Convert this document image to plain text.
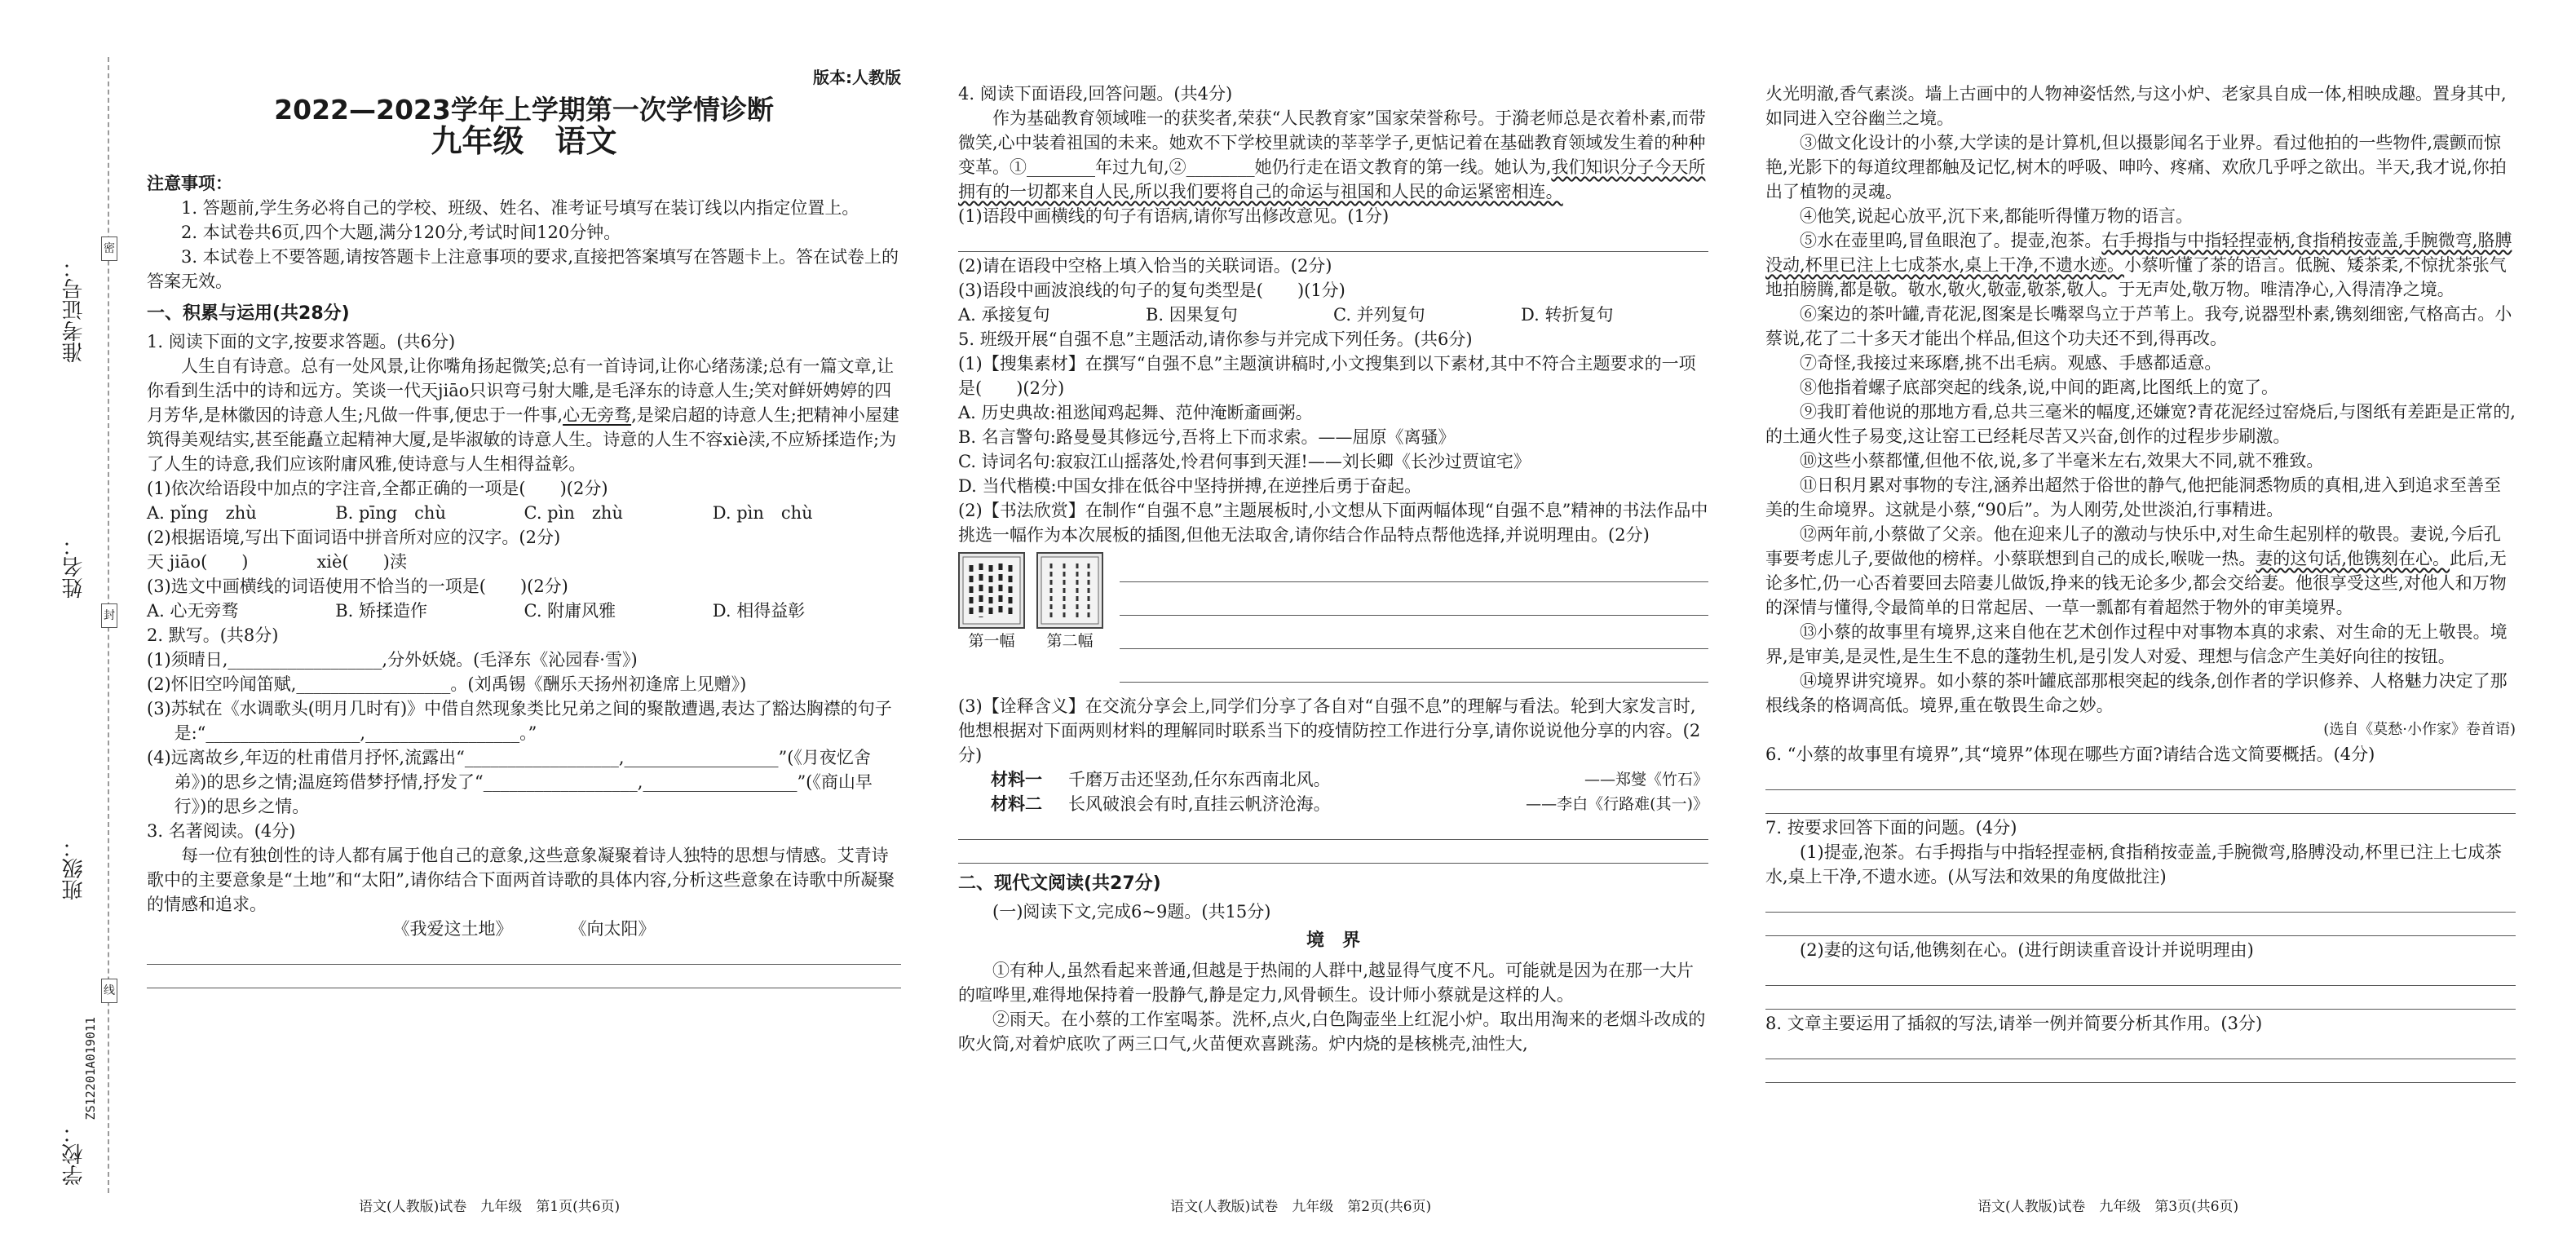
密
封
线
准考证号：
姓名：
班级：
学校：
ZS12201A019011
版本:人教版
2022—2023学年上学期第一次学情诊断
九年级　语文
注意事项：

1. 答题前,学生务必将自己的学校、班级、姓名、准考证号填写在装订线以内指定位置上。

2. 本试卷共6页,四个大题,满分120分,考试时间120分钟。

3. 本试卷上不要答题,请按答题卡上注意事项的要求,直接把答案填写在答题卡上。答在试卷上的答案无效。

一、积累与运用(共28分)

1. 阅读下面的文字,按要求答题。(共6分)

人生自有诗意。总有一处风景,让你嘴角扬起微笑;总有一首诗词,让你心绪荡漾;总有一篇文章,让你看到生活中的诗和远方。笑谈一代天jiāo只识弯弓射大雕,是毛泽东的诗意人生;笑对鲜妍娉婷的四月芳华,是林徽因的诗意人生;凡做一件事,便忠于一件事,心无旁骛,是梁启超的诗意人生;把精神小屋建筑得美观结实,甚至能矗立起精神大厦,是毕淑敏的诗意人生。诗意的人生不容xiè渎,不应矫揉造作;为了人生的诗意,我们应该附庸风雅,使诗意与人生相得益彰。

(1)依次给语段中加点的字注音,全都正确的一项是(　　)(2分)

A. pǐng　zhù	B. pīng　chù	C. pìn　zhù	D. pìn　chù

(2)根据语境,写出下面词语中拼音所对应的汉字。(2分)

天 jiāo(　　)　　　　xiè(　　)渎

(3)选文中画横线的词语使用不恰当的一项是(　　)(2分)

A. 心无旁骛	B. 矫揉造作	C. 附庸风雅	D. 相得益彰

2. 默写。(共8分)

(1)须晴日,__________________,分外妖娆。(毛泽东《沁园春·雪》)

(2)怀旧空吟闻笛赋,__________________。(刘禹锡《酬乐天扬州初逢席上见赠》)

(3)苏轼在《水调歌头(明月几时有)》中借自然现象类比兄弟之间的聚散遭遇,表达了豁达胸襟的句子是:“__________________,__________________。”

(4)远离故乡,年迈的杜甫借月抒怀,流露出“__________________,__________________”(《月夜忆舍弟》)的思乡之情;温庭筠借梦抒情,抒发了“__________________,__________________”(《商山早行》)的思乡之情。

3. 名著阅读。(4分)

每一位有独创性的诗人都有属于他自己的意象,这些意象凝聚着诗人独特的思想与情感。艾青诗歌中的主要意象是“土地”和“太阳”,请你结合下面两首诗歌的具体内容,分析这些意象在诗歌中所凝聚的情感和追求。

《我爱这土地》	《向太阳》
语文(人教版)试卷　九年级　第1页(共6页)

4. 阅读下面语段,回答问题。(共4分)

作为基础教育领域唯一的获奖者,荣获“人民教育家”国家荣誉称号。于漪老师总是衣着朴素,而带微笑,心中装着祖国的未来。她欢不下学校里就读的莘莘学子,更惦记着在基础教育领域发生着的种种变革。①________年过九旬,②________她仍行走在语文教育的第一线。她认为,我们知识分子今天所拥有的一切都来自人民,所以我们要将自己的命运与祖国和人民的命运紧密相连。

(1)语段中画横线的句子有语病,请你写出修改意见。(1分)

(2)请在语段中空格上填入恰当的关联词语。(2分)

(3)语段中画波浪线的句子的复句类型是(　　)(1分)

A. 承接复句	B. 因果复句	C. 并列复句	D. 转折复句

5. 班级开展“自强不息”主题活动,请你参与并完成下列任务。(共6分)

(1)【搜集素材】在撰写“自强不息”主题演讲稿时,小文搜集到以下素材,其中不符合主题要求的一项是(　　)(2分)

A. 历史典故:祖逖闻鸡起舞、范仲淹断齑画粥。

B. 名言警句:路曼曼其修远兮,吾将上下而求索。——屈原《离骚》

C. 诗词名句:寂寂江山摇落处,怜君何事到天涯!——刘长卿《长沙过贾谊宅》

D. 当代楷模:中国女排在低谷中坚持拼搏,在逆挫后勇于奋起。

(2)【书法欣赏】在制作“自强不息”主题展板时,小文想从下面两幅体现“自强不息”精神的书法作品中挑选一幅作为本次展板的插图,但他无法取舍,请你结合作品特点帮他选择,并说明理由。(2分)

第一幅	第二幅

(3)【诠释含义】在交流分享会上,同学们分享了各自对“自强不息”的理解与看法。轮到大家发言时,他想根据对下面两则材料的理解同时联系当下的疫情防控工作进行分享,请你说说他分享的内容。(2分)

材料一	千磨万击还坚劲,任尔东西南北风。	——郑燮《竹石》
材料二	长风破浪会有时,直挂云帆济沧海。	——李白《行路难(其一)》
二、现代文阅读(共27分)

(一)阅读下文,完成6~9题。(共15分)

境　界

①有种人,虽然看起来普通,但越是于热闹的人群中,越显得气度不凡。可能就是因为在那一大片的喧哗里,难得地保持着一股静气,静是定力,风骨顿生。设计师小蔡就是这样的人。

②雨天。在小蔡的工作室喝茶。洗杯,点火,白色陶壶坐上红泥小炉。取出用淘来的老烟斗改成的吹火筒,对着炉底吹了两三口气,火苗便欢喜跳荡。炉内烧的是核桃壳,油性大,

语文(人教版)试卷　九年级　第2页(共6页)

火光明澈,香气素淡。墙上古画中的人物神姿恬然,与这小炉、老家具自成一体,相映成趣。置身其中,如同进入空谷幽兰之境。

③做文化设计的小蔡,大学读的是计算机,但以摄影闻名于业界。看过他拍的一些物件,震颤而惊艳,光影下的每道纹理都触及记忆,树木的呼吸、呻吟、疼痛、欢欣几乎呼之欲出。半天,我才说,你拍出了植物的灵魂。

④他笑,说起心放平,沉下来,都能听得懂万物的语言。

⑤水在壶里呜,冒鱼眼泡了。提壶,泡茶。右手拇指与中指轻捏壶柄,食指稍按壶盖,手腕微弯,胳膊没动,杯里已注上七成茶水,桌上干净,不遗水迹。小蔡听懂了茶的语言。低腕、矮茶柔,不惊扰茶张气地拍膀腾,都是敬。敬水,敬火,敬壶,敬茶,敬人。于无声处,敬万物。唯清净心,入得清净之境。

⑥案边的茶叶罐,青花泥,图案是长嘴翠鸟立于芦苇上。我夸,说器型朴素,镌刻细密,气格高古。小蔡说,花了二十多天才能出个样品,但这个功夫还不到,得再改。

⑦奇怪,我接过来琢磨,挑不出毛病。观感、手感都适意。

⑧他指着螺子底部突起的线条,说,中间的距离,比图纸上的宽了。

⑨我盯着他说的那地方看,总共三毫米的幅度,还嫌宽?青花泥经过窑烧后,与图纸有差距是正常的,的土通火性子易变,这让窑工已经耗尽苦又兴奋,创作的过程步步刷激。

⑩这些小蔡都懂,但他不依,说,多了半毫米左右,效果大不同,就不雅致。

⑪日积月累对事物的专注,涵养出超然于俗世的静气,他把能洞悉物质的真相,进入到追求至善至美的生命境界。这就是小蔡,“90后”。为人刚劳,处世淡泊,行事精进。

⑫两年前,小蔡做了父亲。他在迎来儿子的激动与快乐中,对生命生起别样的敬畏。妻说,今后孔事要考虑儿子,要做他的榜样。小蔡联想到自己的成长,喉咙一热。妻的这句话,他镌刻在心。此后,无论多忙,仍一心否着要回去陪妻儿做饭,挣来的钱无论多少,都会交给妻。他很享受这些,对他人和万物的深情与懂得,令最简单的日常起居、一草一瓢都有着超然于物外的审美境界。

⑬小蔡的故事里有境界,这来自他在艺术创作过程中对事物本真的求索、对生命的无上敬畏。境界,是审美,是灵性,是生生不息的蓬勃生机,是引发人对爱、理想与信念产生美好向往的按钮。

⑭境界讲究境界。如小蔡的茶叶罐底部那根突起的线条,创作者的学识修养、人格魅力决定了那根线条的格调高低。境界,重在敬畏生命之妙。

(选自《莫愁·小作家》卷首语)

6. “小蔡的故事里有境界”,其“境界”体现在哪些方面?请结合选文简要概括。(4分)

7. 按要求回答下面的问题。(4分)

(1)提壶,泡茶。右手拇指与中指轻捏壶柄,食指稍按壶盖,手腕微弯,胳膊没动,杯里已注上七成茶水,桌上干净,不遗水迹。(从写法和效果的角度做批注)

(2)妻的这句话,他镌刻在心。(进行朗读重音设计并说明理由)

8. 文章主要运用了插叙的写法,请举一例并简要分析其作用。(3分)

语文(人教版)试卷　九年级　第3页(共6页)
